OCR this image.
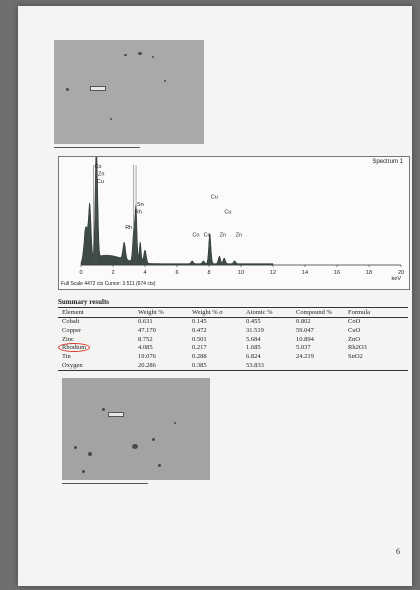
Spectrum 1
0	2	4	6	8	10	12	14	16	18	20
keV
Co
Zn
Cu
Sn
Rh
Rh
Cu
Cu
Co Co Zn Zn
Full Scale 4472 cts Cursor: 3.511 (674 cts)
Summary results
Element	Weight %	Weight % σ	Atomic %	Compound %	Formula
Cobalt	0.631	0.145	0.455	0.802	CoO
Copper	47.170	0.472	31.519	59.047	CuO
Zinc	8.752	0.501	5.684	10.894	ZnO
Rhodium	4.085	0.217	1.685	5.037	Rh2O3
Tin	19.076	0.288	6.824	24.219	SnO2
Oxygen	20.286	0.385	53.833		
6
